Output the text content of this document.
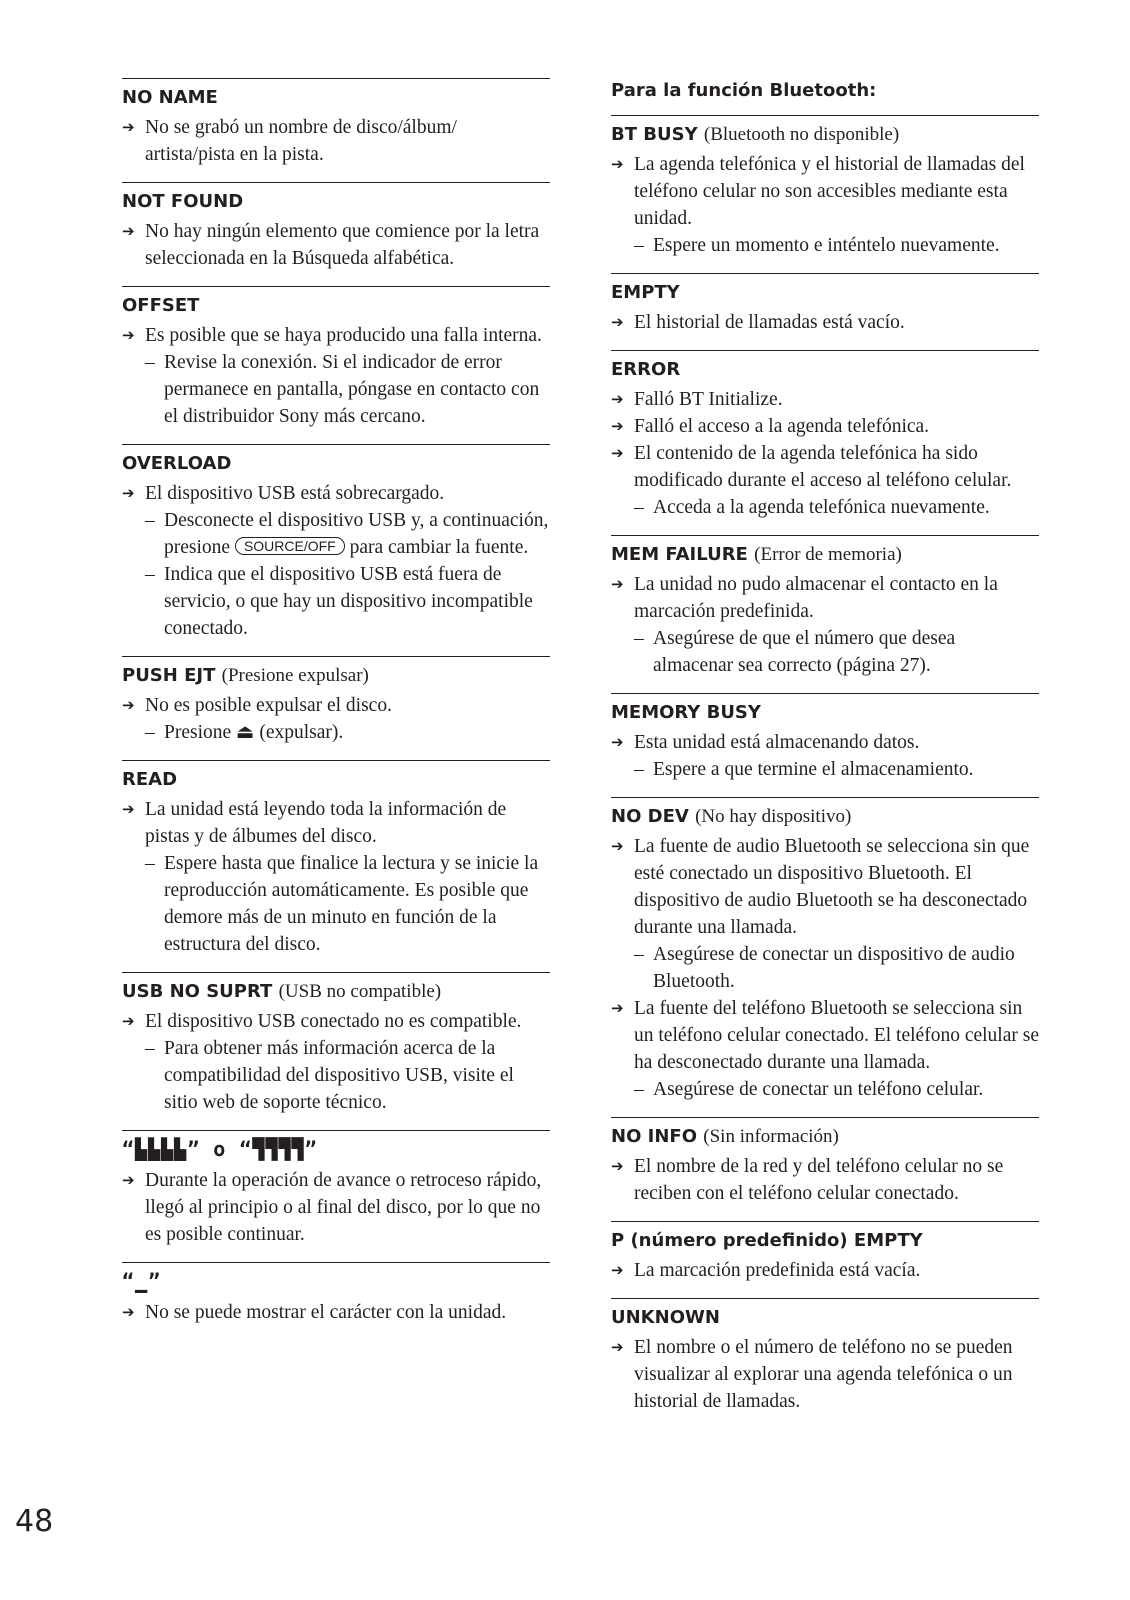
NO NAME
➔ No se grabó un nombre de disco/álbum/ artista/pista en la pista.
NOT FOUND
➔ No hay ningún elemento que comience por la letra seleccionada en la Búsqueda alfabética.
OFFSET
➔ Es posible que se haya producido una falla interna.
– Revise la conexión. Si el indicador de error permanece en pantalla, póngase en contacto con el distribuidor Sony más cercano.
OVERLOAD
➔ El dispositivo USB está sobrecargado.
– Desconecte el dispositivo USB y, a continuación, presione SOURCE/OFF para cambiar la fuente.
– Indica que el dispositivo USB está fuera de servicio, o que hay un dispositivo incompatible conectado.
PUSH EJT (Presione expulsar)
➔ No es posible expulsar el disco.
– Presione ⏏ (expulsar).
READ
➔ La unidad está leyendo toda la información de pistas y de álbumes del disco.
– Espere hasta que finalice la lectura y se inicie la reproducción automáticamente. Es posible que demore más de un minuto en función de la estructura del disco.
USB NO SUPRT (USB no compatible)
➔ El dispositivo USB conectado no es compatible.
– Para obtener más información acerca de la compatibilidad del dispositivo USB, visite el sitio web de soporte técnico.
“▙▙▙▙” o “▜▜▜▜”
➔ Durante la operación de avance o retroceso rápido, llegó al principio o al final del disco, por lo que no es posible continuar.
“▁”
➔ No se puede mostrar el carácter con la unidad.
Para la función Bluetooth:
BT BUSY (Bluetooth no disponible)
➔ La agenda telefónica y el historial de llamadas del teléfono celular no son accesibles mediante esta unidad.
– Espere un momento e inténtelo nuevamente.
EMPTY
➔ El historial de llamadas está vacío.
ERROR
➔ Falló BT Initialize.
➔ Falló el acceso a la agenda telefónica.
➔ El contenido de la agenda telefónica ha sido modificado durante el acceso al teléfono celular.
– Acceda a la agenda telefónica nuevamente.
MEM FAILURE (Error de memoria)
➔ La unidad no pudo almacenar el contacto en la marcación predefinida.
– Asegúrese de que el número que desea almacenar sea correcto (página 27).
MEMORY BUSY
➔ Esta unidad está almacenando datos.
– Espere a que termine el almacenamiento.
NO DEV (No hay dispositivo)
➔ La fuente de audio Bluetooth se selecciona sin que esté conectado un dispositivo Bluetooth. El dispositivo de audio Bluetooth se ha desconectado durante una llamada.
– Asegúrese de conectar un dispositivo de audio Bluetooth.
➔ La fuente del teléfono Bluetooth se selecciona sin un teléfono celular conectado. El teléfono celular se ha desconectado durante una llamada.
– Asegúrese de conectar un teléfono celular.
NO INFO (Sin información)
➔ El nombre de la red y del teléfono celular no se reciben con el teléfono celular conectado.
P (número predefinido) EMPTY
➔ La marcación predefinida está vacía.
UNKNOWN
➔ El nombre o el número de teléfono no se pueden visualizar al explorar una agenda telefónica o un historial de llamadas.
48
